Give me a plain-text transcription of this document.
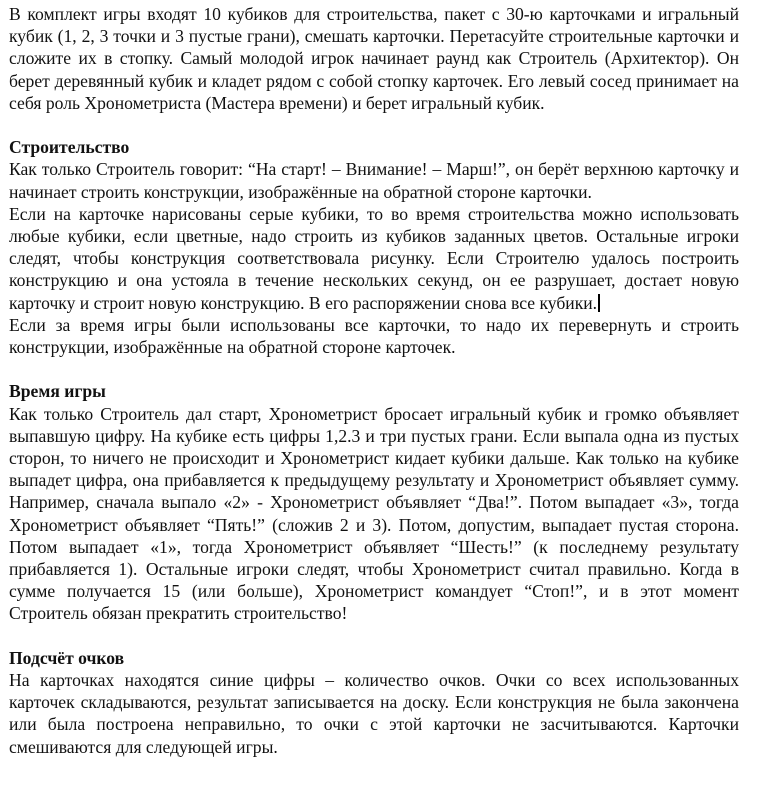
В комплект игры входят 10 кубиков для строительства, пакет с 30-ю карточками и игральный кубик (1, 2, 3 точки и 3 пустые грани), смешать карточки. Перетасуйте строительные карточки и сложите их в стопку. Самый молодой игрок начинает раунд как Строитель (Архитектор). Он берет деревянный кубик и кладет рядом с собой стопку карточек. Его левый сосед принимает на себя роль Хронометриста (Мастера времени) и берет игральный кубик.

Строительство

Как только Строитель говорит: “На старт! – Внимание! – Марш!”, он берёт верхнюю карточку и начинает строить конструкции, изображённые на обратной стороне карточки.

Если на карточке нарисованы серые кубики, то во время строительства можно использовать любые кубики, если цветные, надо строить из кубиков заданных цветов. Остальные игроки следят, чтобы конструкция соответствовала рисунку. Если Строителю удалось построить конструкцию и она устояла в течение нескольких секунд, он ее разрушает, достает новую карточку и строит новую конструкцию. В его распоряжении снова все кубики.

Если за время игры были использованы все карточки, то надо их перевернуть и строить конструкции, изображённые на обратной стороне карточек.

Время игры

Как только Строитель дал старт, Хронометрист бросает игральный кубик и громко объявляет выпавшую цифру. На кубике есть цифры 1,2.3 и три пустых грани. Если выпала одна из пустых сторон, то ничего не происходит и Хронометрист кидает кубики дальше. Как только на кубике выпадет цифра, она прибавляется к предыдущему результату и Хронометрист объявляет сумму. Например, сначала выпало «2» - Хронометрист объявляет “Два!”. Потом выпадает «3», тогда Хронометрист объявляет “Пять!” (сложив 2 и 3). Потом, допустим, выпадает пустая сторона. Потом выпадает «1», тогда Хронометрист объявляет “Шесть!” (к последнему результату прибавляется 1). Остальные игроки следят, чтобы Хронометрист считал правильно. Когда в сумме получается 15 (или больше), Хронометрист командует “Стоп!”, и в этот момент Строитель обязан прекратить строительство!

Подсчёт очков

На карточках находятся синие цифры – количество очков. Очки со всех использованных карточек складываются, результат записывается на доску. Если конструкция не была закончена или была построена неправильно, то очки с этой карточки не засчитываются. Карточки смешиваются для следующей игры.
